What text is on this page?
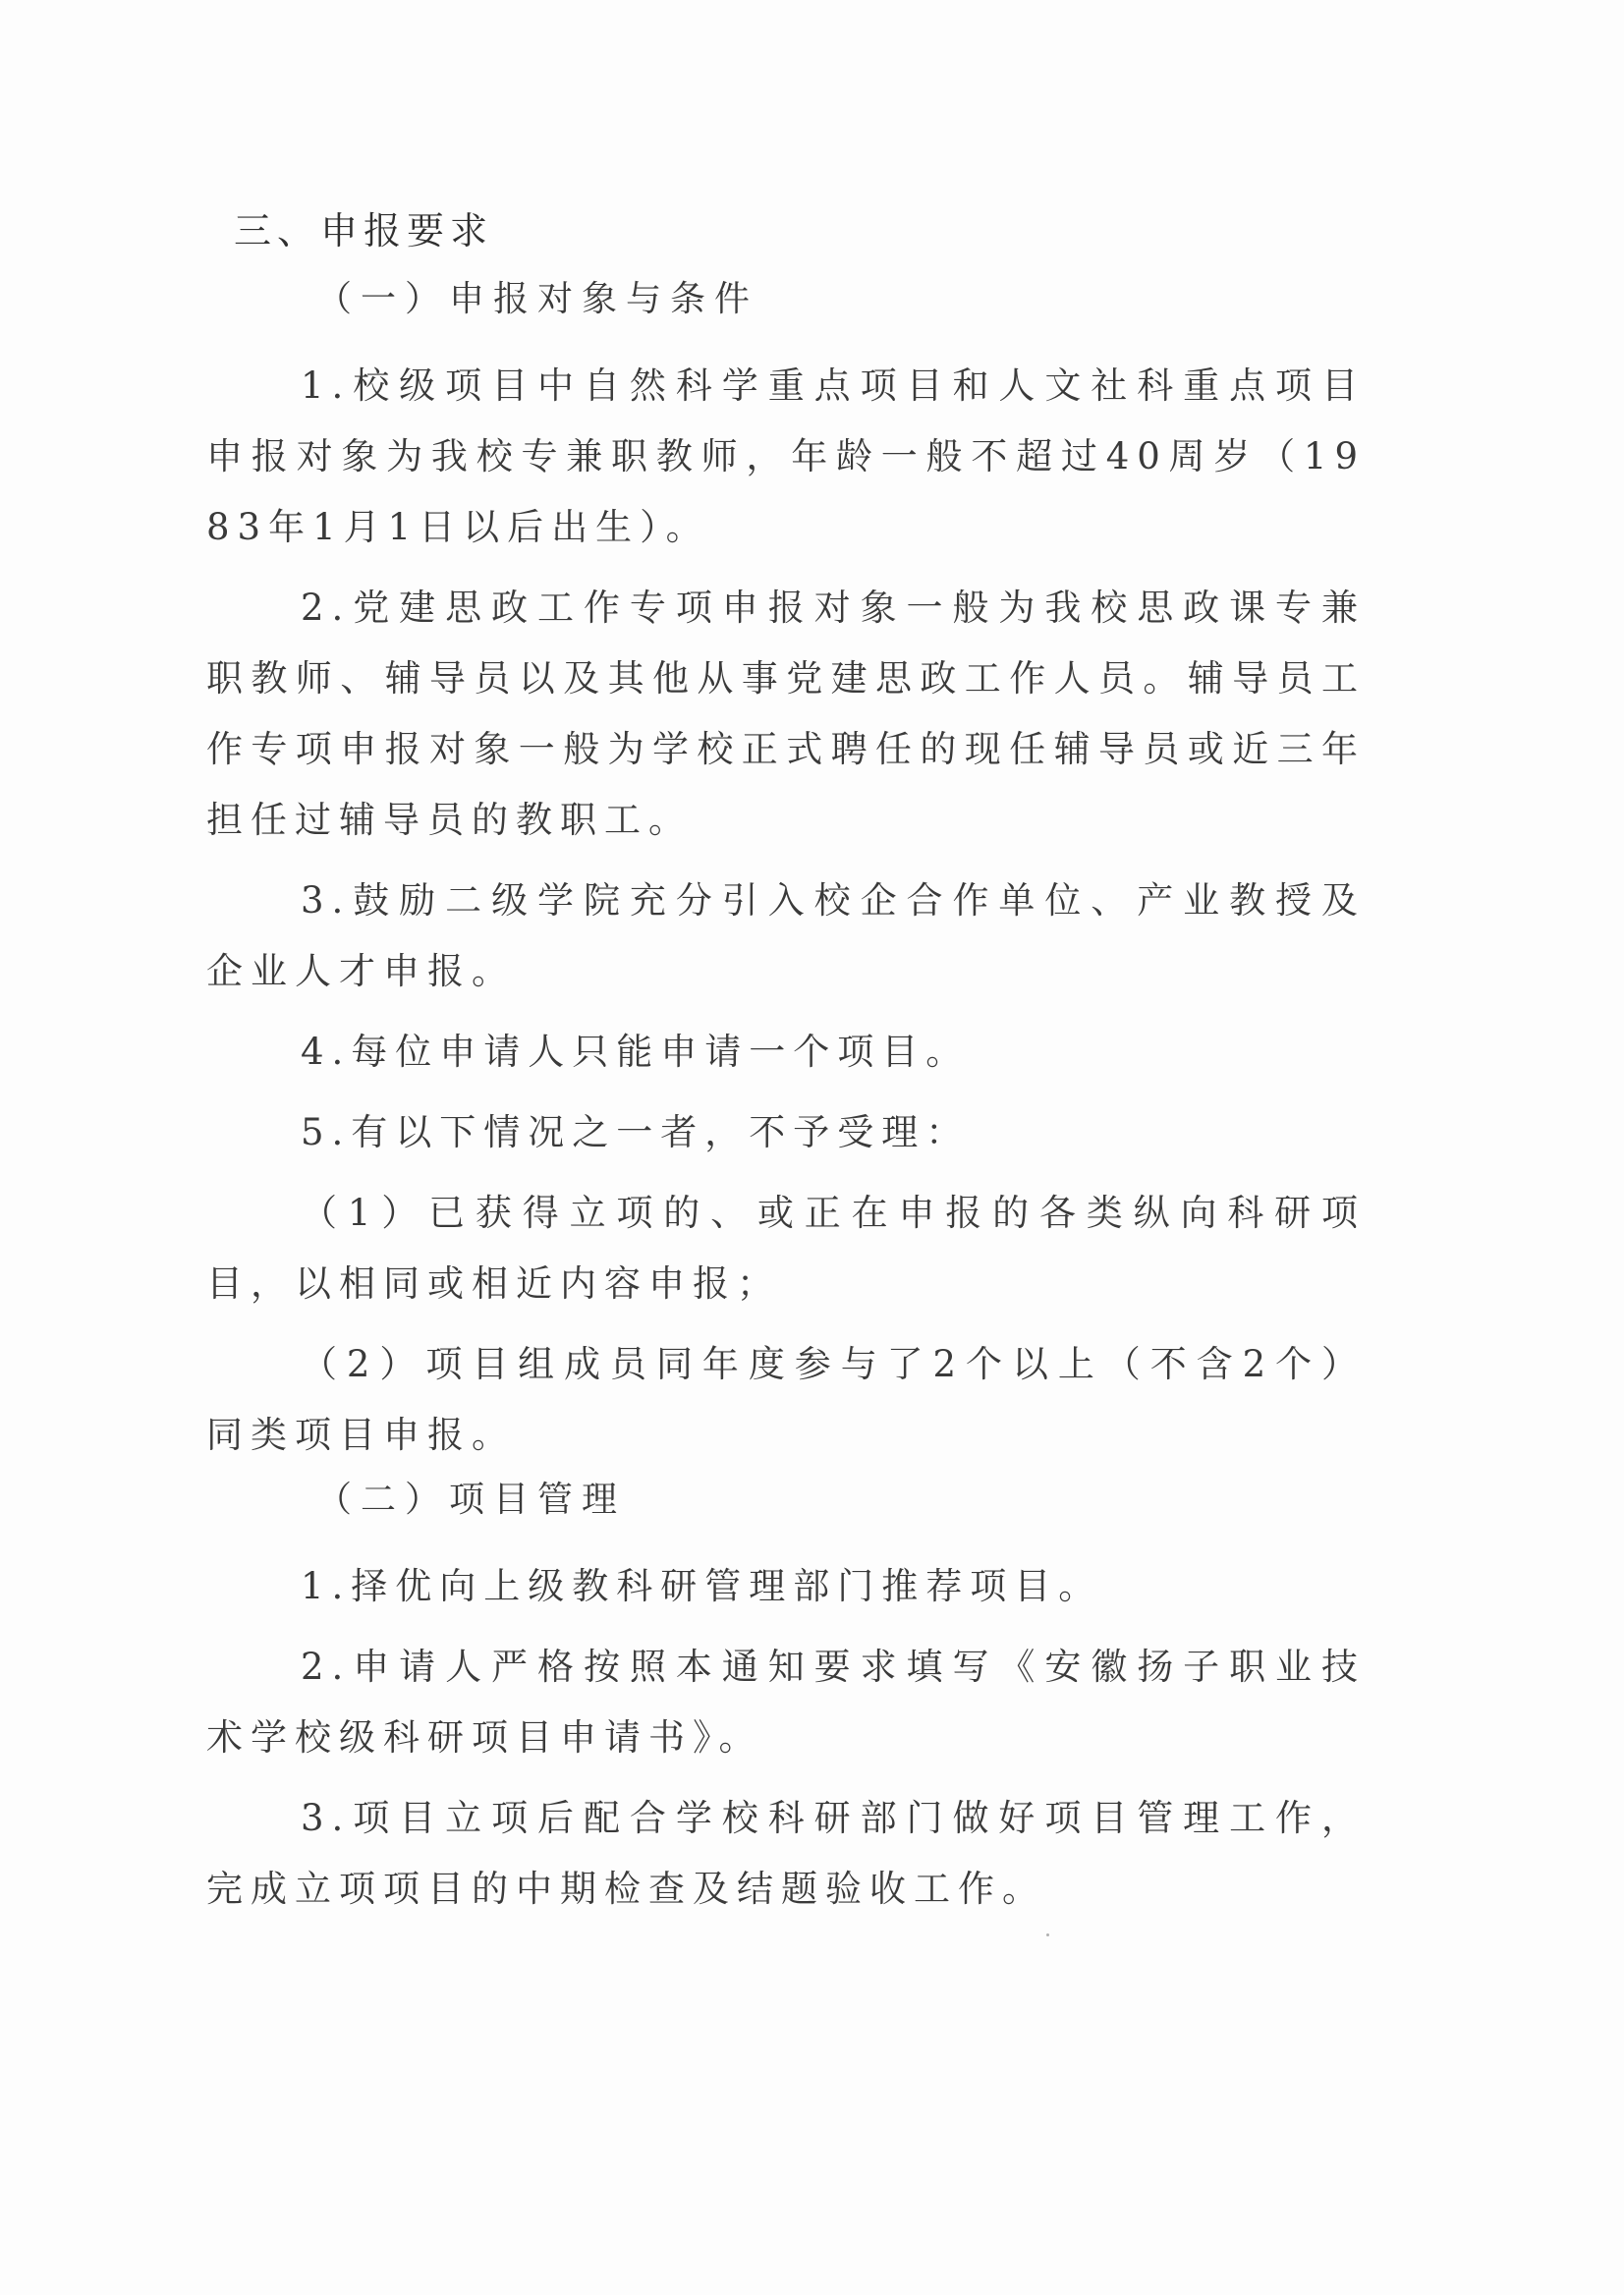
三、申报要求
（一）申报对象与条件

1.校级项目中自然科学重点项目和人文社科重点项目申报对象为我校专兼职教师，年龄一般不超过40周岁（1983年1月1日以后出生）。

2.党建思政工作专项申报对象一般为我校思政课专兼职教师、辅导员以及其他从事党建思政工作人员。辅导员工作专项申报对象一般为学校正式聘任的现任辅导员或近三年担任过辅导员的教职工。

3.鼓励二级学院充分引入校企合作单位、产业教授及企业人才申报。

4.每位申请人只能申请一个项目。

5.有以下情况之一者，不予受理：

（1）已获得立项的、或正在申报的各类纵向科研项目，以相同或相近内容申报；

（2）项目组成员同年度参与了2个以上（不含2个）同类项目申报。

（二）项目管理

1.择优向上级教科研管理部门推荐项目。

2.申请人严格按照本通知要求填写《安徽扬子职业技术学校级科研项目申请书》。

3.项目立项后配合学校科研部门做好项目管理工作，完成立项项目的中期检查及结题验收工作。
